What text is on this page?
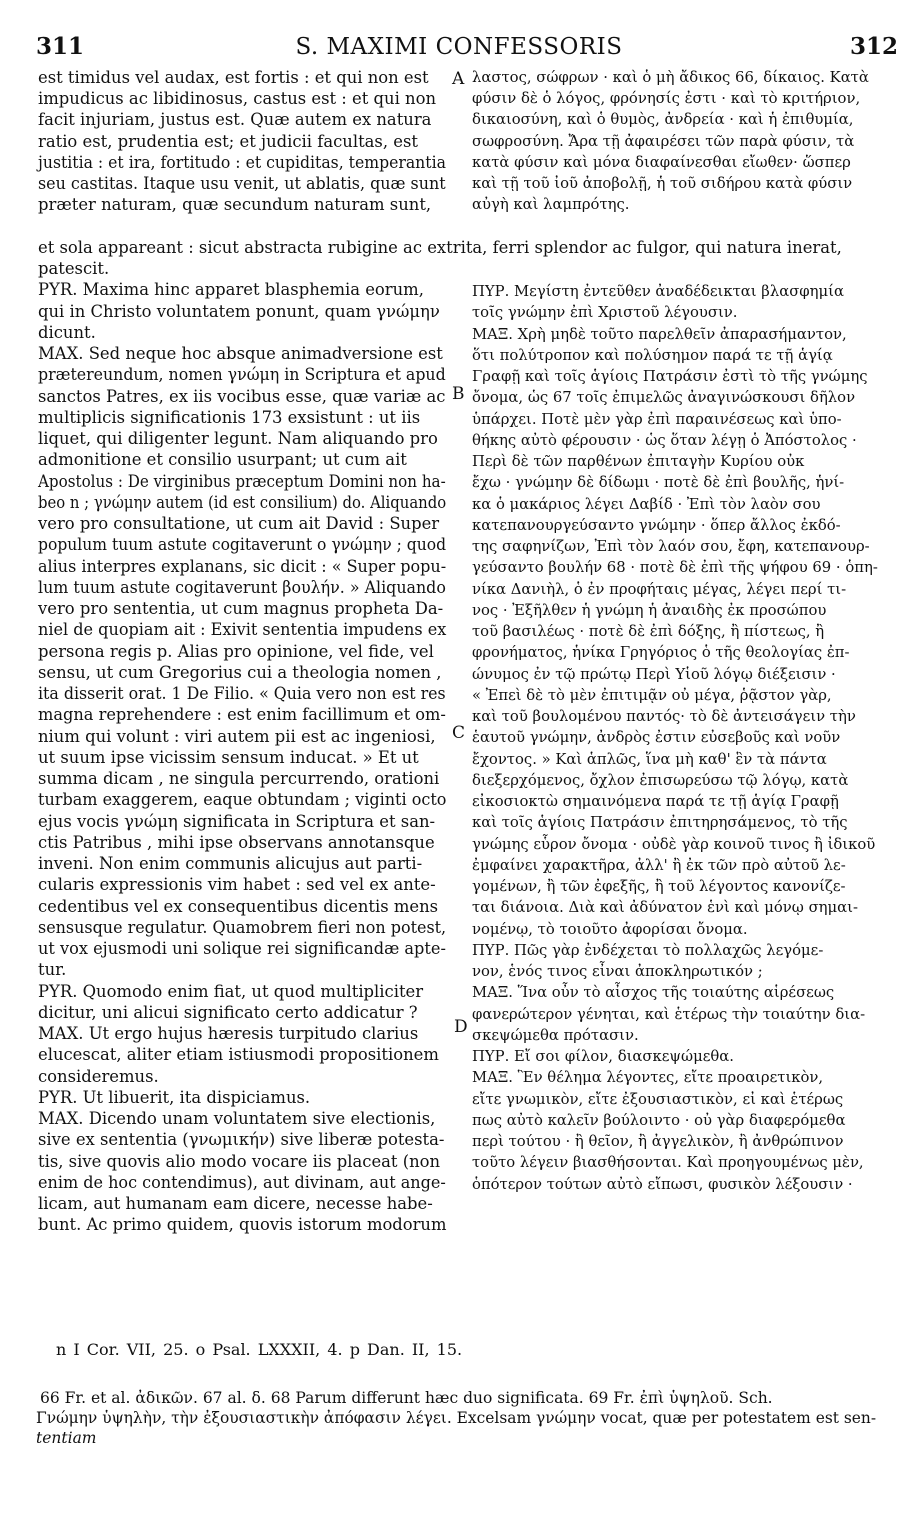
311	S. MAXIMI CONFESSORIS	312
est timidus vel audax, est fortis : et qui non est
impudicus ac libidinosus, castus est : et qui non
facit injuriam, justus est. Quæ autem ex natura
ratio est, prudentia est; et judicii facultas, est
justitia : et ira, fortitudo : et cupiditas, temperantia
seu castitas. Itaque usu venit, ut ablatis, quæ sunt
præter naturam, quæ secundum naturam sunt,
λαστος, σώφρων · καὶ ὁ μὴ ἄδικος 66, δίκαιος. Κατὰ
φύσιν δὲ ὁ λόγος, φρόνησίς ἐστι · καὶ τὸ κριτήριον,
δικαιοσύνη, καὶ ὁ θυμὸς, ἀνδρεία · καὶ ἡ ἐπιθυμία,
σωφροσύνη. Ἄρα τῇ ἀφαιρέσει τῶν παρὰ φύσιν, τὰ
κατὰ φύσιν καὶ μόνα διαφαίνεσθαι εἴωθεν· ὥσπερ
καὶ τῇ τοῦ ἰοῦ ἀποβολῇ, ἡ τοῦ σιδήρου κατὰ φύσιν
αὐγὴ καὶ λαμπρότης.
et sola appareant : sicut abstracta rubigine ac extrita, ferri splendor ac fulgor, qui natura inerat,
patescit.
PYR. Maxima hinc apparet blasphemia eorum,
qui in Christo voluntatem ponunt, quam γνώμην
dicunt.
MAX. Sed neque hoc absque animadversione est
prætereundum, nomen γνώμη in Scriptura et apud
sanctos Patres, ex iis vocibus esse, quæ variæ ac
multiplicis significationis 173 exsistunt : ut iis
liquet, qui diligenter legunt. Nam aliquando pro
admonitione et consilio usurpant; ut cum ait
Apostolus : De virginibus præceptum Domini non ha-
beo n ; γνώμην autem (id est consilium) do. Aliquando
vero pro consultatione, ut cum ait David : Super
populum tuum astute cogitaverunt o γνώμην ; quod
alius interpres explanans, sic dicit : « Super popu-
lum tuum astute cogitaverunt βουλήν. » Aliquando
vero pro sententia, ut cum magnus propheta Da-
niel de quopiam ait : Exivit sententia impudens ex
persona regis p. Alias pro opinione, vel fide, vel
sensu, ut cum Gregorius cui a theologia nomen ,
ita disserit orat. 1 De Filio. « Quia vero non est res
magna reprehendere : est enim facillimum et om-
nium qui volunt : viri autem pii est ac ingeniosi,
ut suum ipse vicissim sensum inducat. » Et ut
summa dicam , ne singula percurrendo, orationi
turbam exaggerem, eaque obtundam ; viginti octo
ejus vocis γνώμη significata in Scriptura et san-
ctis Patribus , mihi ipse observans annotansque
inveni. Non enim communis alicujus aut parti-
cularis expressionis vim habet : sed vel ex ante-
cedentibus vel ex consequentibus dicentis mens
sensusque regulatur. Quamobrem fieri non potest,
ut vox ejusmodi uni solique rei significandæ apte-
tur.
PYR. Quomodo enim fiat, ut quod multipliciter
dicitur, uni alicui significato certo addicatur ?
MAX. Ut ergo hujus hæresis turpitudo clarius
elucescat, aliter etiam istiusmodi propositionem
consideremus.
PYR. Ut libuerit, ita dispiciamus.
MAX. Dicendo unam voluntatem sive electionis,
sive ex sententia (γνωμικήν) sive liberæ potesta-
tis, sive quovis alio modo vocare iis placeat (non
enim de hoc contendimus), aut divinam, aut ange-
licam, aut humanam eam dicere, necesse habe-
bunt. Ac primo quidem, quovis istorum modorum
ΠΥΡ. Μεγίστη ἐντεῦθεν ἀναδέδεικται βλασφημία
τοῖς γνώμην ἐπὶ Χριστοῦ λέγουσιν.
ΜΑΞ. Χρὴ μηδὲ τοῦτο παρελθεῖν ἀπαρασήμαντον,
ὅτι πολύτροπον καὶ πολύσημον παρά τε τῇ ἁγίᾳ
Γραφῇ καὶ τοῖς ἁγίοις Πατράσιν ἐστὶ τὸ τῆς γνώμης
ὄνομα, ὡς 67 τοῖς ἐπιμελῶς ἀναγινώσκουσι δῆλον
ὑπάρχει. Ποτὲ μὲν γὰρ ἐπὶ παραινέσεως καὶ ὑπο-
θήκης αὐτὸ φέρουσιν · ὡς ὅταν λέγῃ ὁ Ἀπόστολος ·
Περὶ δὲ τῶν παρθένων ἐπιταγὴν Κυρίου οὐκ
ἔχω · γνώμην δὲ δίδωμι · ποτὲ δὲ ἐπὶ βουλῆς, ἡνί-
κα ὁ μακάριος λέγει Δαβίδ · Ἐπὶ τὸν λαὸν σου
κατεπανουργεύσαντο γνώμην · ὅπερ ἄλλος ἐκδό-
της σαφηνίζων, Ἐπὶ τὸν λαόν σου, ἔφη, κατεπανουρ-
γεύσαντο βουλήν 68 · ποτὲ δὲ ἐπὶ τῆς ψήφου 69 · ὁπη-
νίκα Δανιὴλ, ὁ ἐν προφήταις μέγας, λέγει περί τι-
νος · Ἐξῆλθεν ἡ γνώμη ἡ ἀναιδὴς ἐκ προσώπου
τοῦ βασιλέως · ποτὲ δὲ ἐπὶ δόξης, ἢ πίστεως, ἢ
φρονήματος, ἡνίκα Γρηγόριος ὁ τῆς θεολογίας ἐπ-
ώνυμος ἐν τῷ πρώτῳ Περὶ Υἱοῦ λόγῳ διέξεισιν ·
« Ἐπεὶ δὲ τὸ μὲν ἐπιτιμᾷν οὐ μέγα, ῥᾷστον γὰρ,
καὶ τοῦ βουλομένου παντός· τὸ δὲ ἀντεισάγειν τὴν
ἑαυτοῦ γνώμην, ἀνδρὸς ἐστιν εὐσεβοῦς καὶ νοῦν
ἔχοντος. » Καὶ ἁπλῶς, ἵνα μὴ καθ' ἓν τὰ πάντα
διεξερχόμενος, ὄχλον ἐπισωρεύσω τῷ λόγῳ, κατὰ
εἰκοσιοκτὼ σημαινόμενα παρά τε τῇ ἁγίᾳ Γραφῇ
καὶ τοῖς ἁγίοις Πατράσιν ἐπιτηρησάμενος, τὸ τῆς
γνώμης εὗρον ὄνομα · οὐδὲ γὰρ κοινοῦ τινος ἢ ἰδικοῦ
ἐμφαίνει χαρακτῆρα, ἀλλ' ἢ ἐκ τῶν πρὸ αὐτοῦ λε-
γομένων, ἢ τῶν ἐφεξῆς, ἢ τοῦ λέγοντος κανονίζε-
ται διάνοια. Διὰ καὶ ἀδύνατον ἑνὶ καὶ μόνῳ σημαι-
νομένῳ, τὸ τοιοῦτο ἀφορίσαι ὄνομα.
ΠΥΡ. Πῶς γὰρ ἐνδέχεται τὸ πολλαχῶς λεγόμε-
νον, ἑνός τινος εἶναι ἀποκληρωτικόν ;
ΜΑΞ. Ἵνα οὖν τὸ αἶσχος τῆς τοιαύτης αἱρέσεως
φανερώτερον γένηται, καὶ ἑτέρως τὴν τοιαύτην δια-
σκεψώμεθα πρότασιν.
ΠΥΡ. Εἴ σοι φίλον, διασκεψώμεθα.
ΜΑΞ. Ἓν θέλημα λέγοντες, εἴτε προαιρετικὸν,
εἴτε γνωμικὸν, εἴτε ἐξουσιαστικὸν, εἰ καὶ ἑτέρως
πως αὐτὸ καλεῖν βούλοιντο · οὐ γὰρ διαφερόμεθα
περὶ τούτου · ἢ θεῖον, ἢ ἀγγελικὸν, ἢ ἀνθρώπινον
τοῦτο λέγειν βιασθήσονται. Καὶ προηγουμένως μὲν,
ὁπότερον τούτων αὐτὸ εἴπωσι, φυσικὸν λέξουσιν ·
A
B
C
D
n I Cor. VII, 25. o Psal. LXXXII, 4. p Dan. II, 15.
66 Fr. et al. ἀδικῶν. 67 al. δ. 68 Parum differunt hæc duo significata. 69 Fr. ἐπὶ ὑψηλοῦ. Sch.
Γνώμην ὑψηλὴν, τὴν ἐξουσιαστικὴν ἀπόφασιν λέγει. Excelsam γνώμην vocat, quæ per potestatem est sen-
tentiam
